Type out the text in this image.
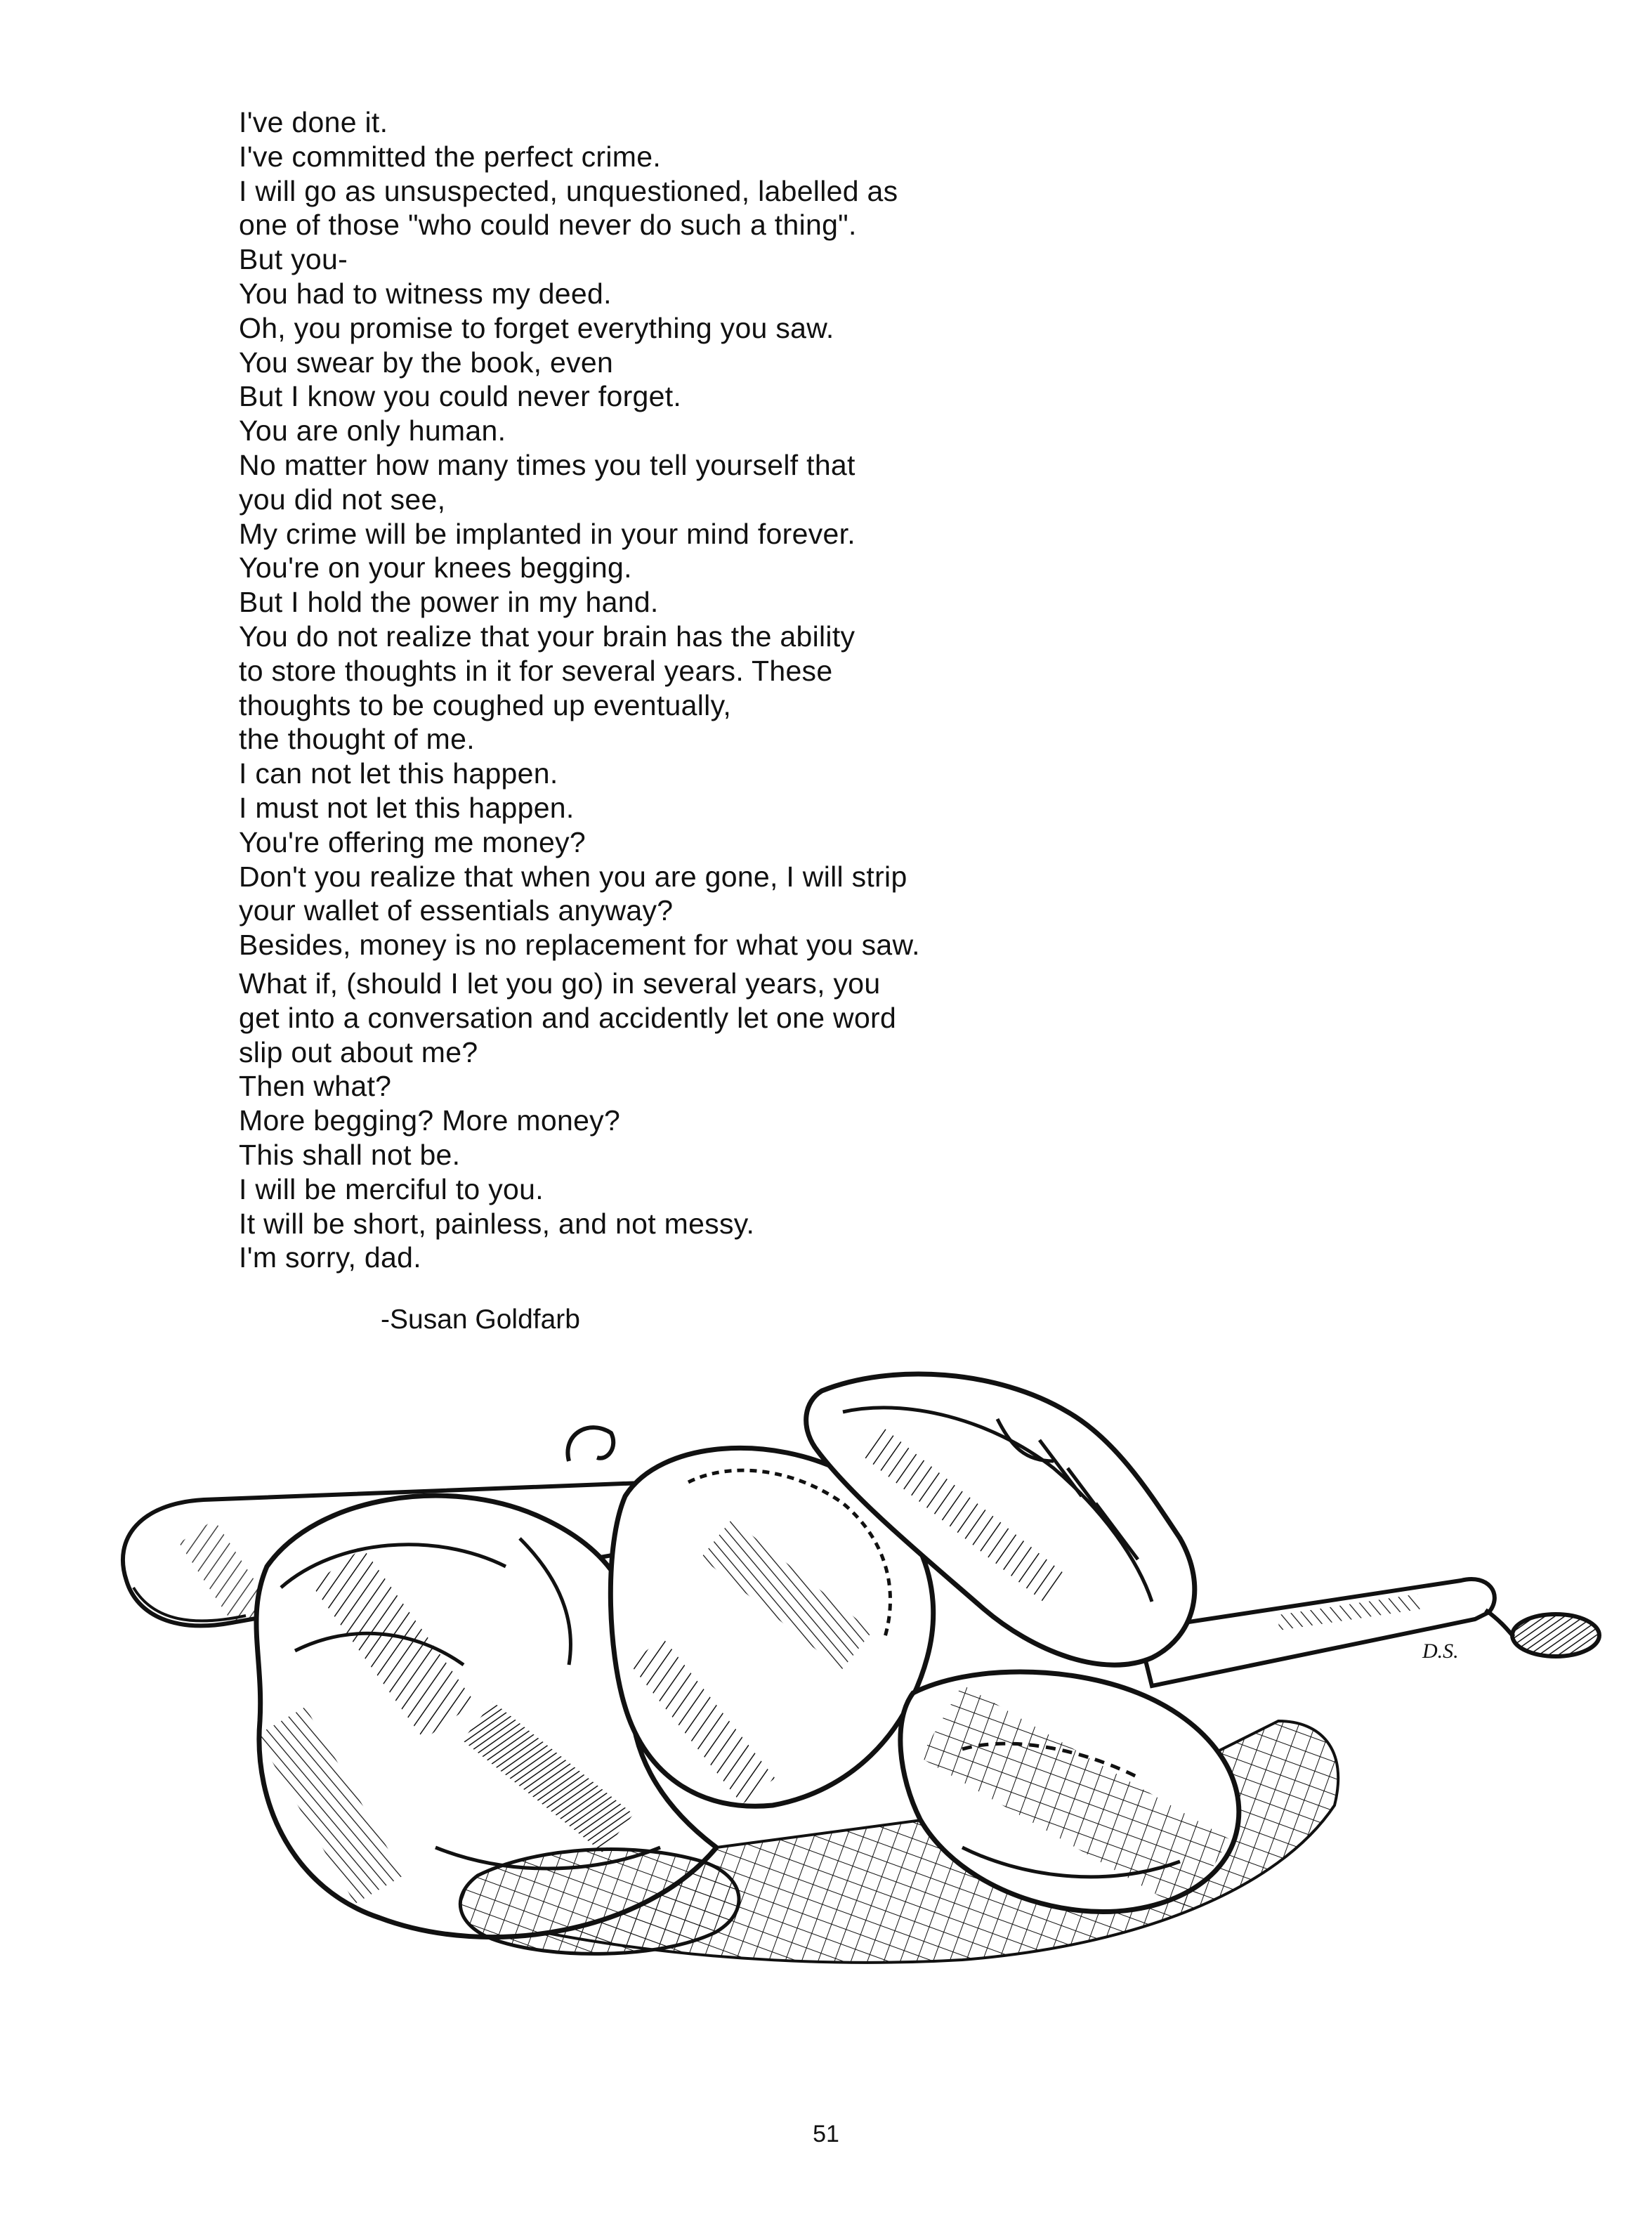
I've done it.
I've committed the perfect crime.
I will go as unsuspected, unquestioned, labelled as
one of those "who could never do such a thing".
But you-
You had to witness my deed.
Oh, you promise to forget everything you saw.
You swear by the book, even
But I know you could never forget.
You are only human.
No matter how many times you tell yourself that
you did not see,
My crime will be implanted in your mind forever.
You're on your knees begging.
But I hold the power in my hand.
You do not realize that your brain has the ability
to store thoughts in it for several years. These
thoughts to be coughed up eventually,
the thought of me.
I can not let this happen.
I must not let this happen.
You're offering me money?
Don't you realize that when you are gone, I will strip
your wallet of essentials anyway?
Besides, money is no replacement for what you saw.
What if, (should I let you go) in several years, you
get into a conversation and accidently let one word
slip out about me?
Then what?
More begging? More money?
This shall not be.
I will be merciful to you.
It will be short, painless, and not messy.
I'm sorry, dad.
-Susan Goldfarb
D.S.
51
